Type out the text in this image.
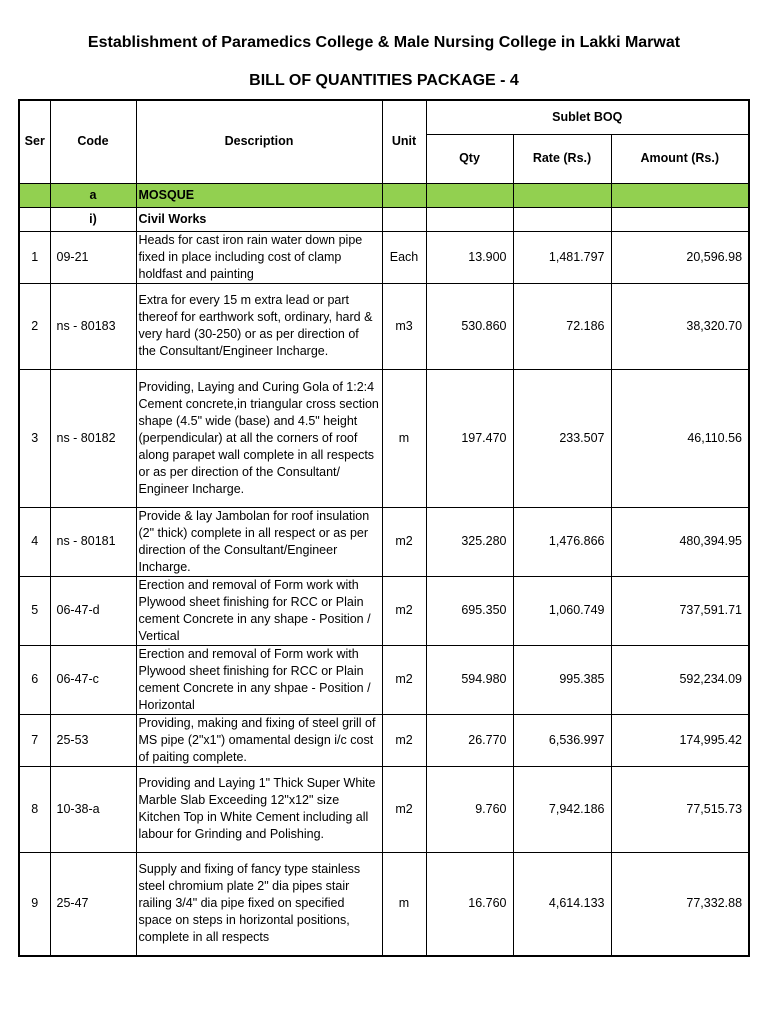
Establishment of Paramedics College & Male Nursing College in Lakki Marwat
BILL OF QUANTITIES PACKAGE - 4
Ser	Code	Description	Unit	Sublet BOQ		
				Qty	Rate (Rs.)	Amount (Rs.)
	a	MOSQUE				
	i)	Civil Works				
1	09-21	Heads for cast iron rain water down pipe fixed in place including cost of clamp holdfast and painting	Each	13.900	1,481.797	20,596.98
2	ns - 80183	Extra for every 15 m extra lead or part thereof for earthwork soft, ordinary, hard & very hard (30-250) or as per direction of the Consultant/Engineer Incharge.	m3	530.860	72.186	38,320.70
3	ns - 80182	Providing, Laying and Curing Gola of 1:2:4 Cement concrete,in triangular cross section shape (4.5" wide (base) and 4.5" height (perpendicular) at all the corners of roof along parapet wall complete in all respects or as per direction of the Consultant/ Engineer Incharge.	m	197.470	233.507	46,110.56
4	ns - 80181	Provide & lay Jambolan for roof insulation (2" thick) complete in all respect or as per direction of the Consultant/Engineer Incharge.	m2	325.280	1,476.866	480,394.95
5	06-47-d	Erection and removal of Form work with Plywood sheet finishing for RCC or Plain cement Concrete in any shape - Position / Vertical	m2	695.350	1,060.749	737,591.71
6	06-47-c	Erection and removal of Form work with Plywood sheet finishing for RCC or Plain cement Concrete in any shpae - Position / Horizontal	m2	594.980	995.385	592,234.09
7	25-53	Providing, making and fixing of steel grill of MS pipe (2"x1") omamental design i/c cost of paiting complete.	m2	26.770	6,536.997	174,995.42
8	10-38-a	Providing and Laying 1" Thick Super White Marble Slab Exceeding 12"x12" size Kitchen Top in White Cement including all labour for Grinding and Polishing.	m2	9.760	7,942.186	77,515.73
9	25-47	Supply and fixing of fancy type stainless steel chromium plate 2" dia pipes stair railing 3/4" dia pipe fixed on specified space on steps in horizontal positions, complete in all respects	m	16.760	4,614.133	77,332.88
